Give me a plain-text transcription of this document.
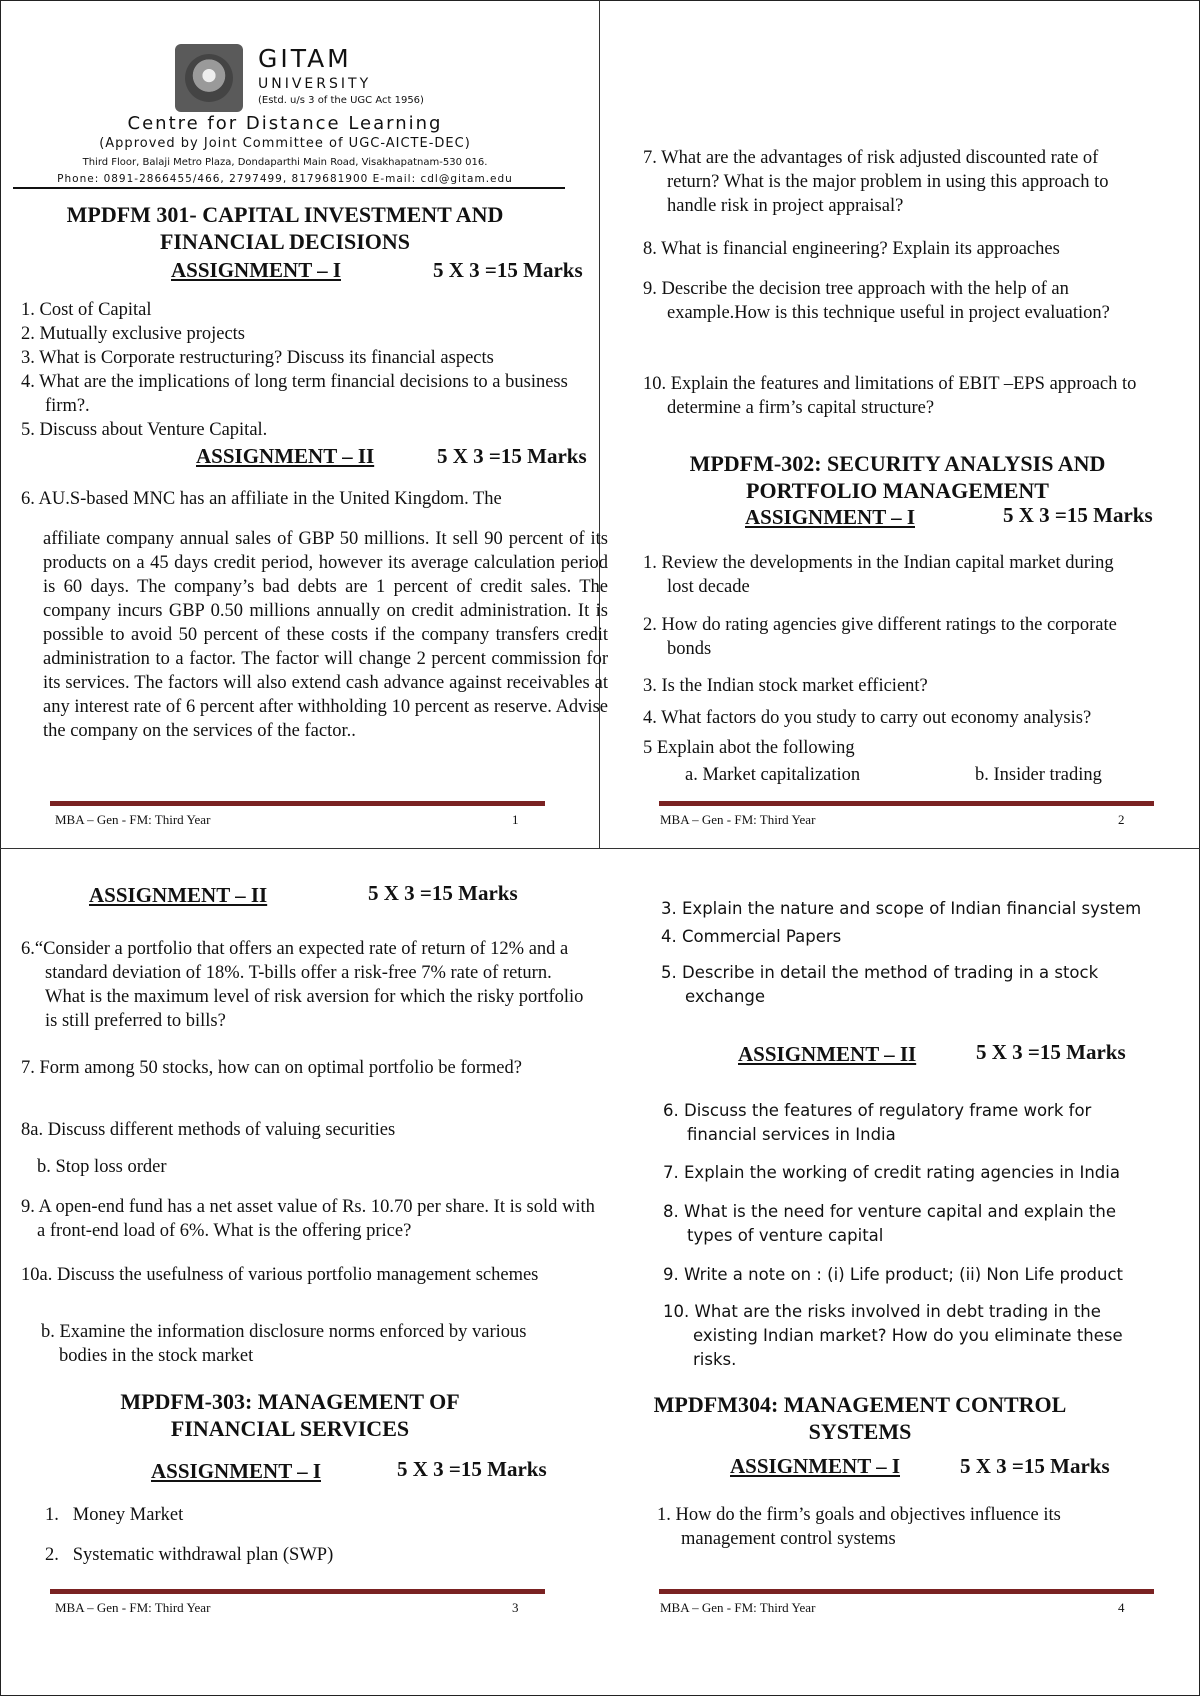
GITAM
UNIVERSITY
(Estd. u/s 3 of the UGC Act 1956)
Centre for Distance Learning
(Approved by Joint Committee of UGC-AICTE-DEC)
Third Floor, Balaji Metro Plaza, Dondaparthi Main Road, Visakhapatnam-530 016.
Phone: 0891-2866455/466, 2797499, 8179681900 E-mail: cdl@gitam.edu
MPDFM 301- CAPITAL INVESTMENT AND
FINANCIAL DECISIONS
ASSIGNMENT – I	5 X 3 =15 Marks
1. Cost of Capital
2. Mutually exclusive projects
3. What is Corporate restructuring? Discuss its financial aspects
4. What are the implications of long term financial decisions to a business firm?.
5. Discuss about Venture Capital.
ASSIGNMENT – II	5 X 3 =15 Marks
6. AU.S-based MNC has an affiliate in the United Kingdom. The
affiliate company annual sales of GBP 50 millions. It sell 90 percent of its products on a 45 days credit period, however its average calculation period is 60 days. The company’s bad debts are 1 percent of credit sales. The company incurs GBP 0.50 millions annually on credit administration. It is possible to avoid 50 percent of these costs if the company transfers credit administration to a factor. The factor will change 2 percent commission for its services. The factors will also extend cash advance against receivables at any interest rate of 6 percent after withholding 10 percent as reserve. Advise the company on the services of the factor..
MBA – Gen - FM: Third Year	1
7. What are the advantages of risk adjusted discounted rate of return? What is the major problem in using this approach to handle risk in project appraisal?
8. What is financial engineering? Explain its approaches
9. Describe the decision tree approach with the help of an example.How is this technique useful in project evaluation?
10. Explain the features and limitations of EBIT –EPS approach to determine a firm’s capital structure?
MPDFM-302: SECURITY ANALYSIS AND
PORTFOLIO MANAGEMENT
ASSIGNMENT – I	5 X 3 =15 Marks
1. Review the developments in the Indian capital market during lost decade
2. How do rating agencies give different ratings to the corporate bonds
3. Is the Indian stock market efficient?
4. What factors do you study to carry out economy analysis?
5 Explain abot the following
a. Market capitalization	b. Insider trading
MBA – Gen - FM: Third Year	2
ASSIGNMENT – II	5 X 3 =15 Marks
6.“Consider a portfolio that offers an expected rate of return of 12% and a standard deviation of 18%. T-bills offer a risk-free 7% rate of return. What is the maximum level of risk aversion for which the risky portfolio is still preferred to bills?
7. Form among 50 stocks, how can on optimal portfolio be formed?
8a. Discuss different methods of valuing securities
b. Stop loss order
9. A open-end fund has a net asset value of Rs. 10.70 per share. It is sold with a front-end load of 6%. What is the offering price?
10a. Discuss the usefulness of various portfolio management schemes
b. Examine the information disclosure norms enforced by various bodies in the stock market
MPDFM-303: MANAGEMENT OF
FINANCIAL SERVICES
ASSIGNMENT – I	5 X 3 =15 Marks
1. Money Market
2. Systematic withdrawal plan (SWP)
MBA – Gen - FM: Third Year	3
3. Explain the nature and scope of Indian financial system
4. Commercial Papers
5. Describe in detail the method of trading in a stock exchange
ASSIGNMENT – II	5 X 3 =15 Marks
6. Discuss the features of regulatory frame work for financial services in India
7. Explain the working of credit rating agencies in India
8. What is the need for venture capital and explain the types of venture capital
9. Write a note on : (i) Life product; (ii) Non Life product
10. What are the risks involved in debt trading in the existing Indian market? How do you eliminate these risks.
MPDFM304: MANAGEMENT CONTROL
SYSTEMS
ASSIGNMENT – I	5 X 3 =15 Marks
1. How do the firm’s goals and objectives influence its management control systems
MBA – Gen - FM: Third Year	4
